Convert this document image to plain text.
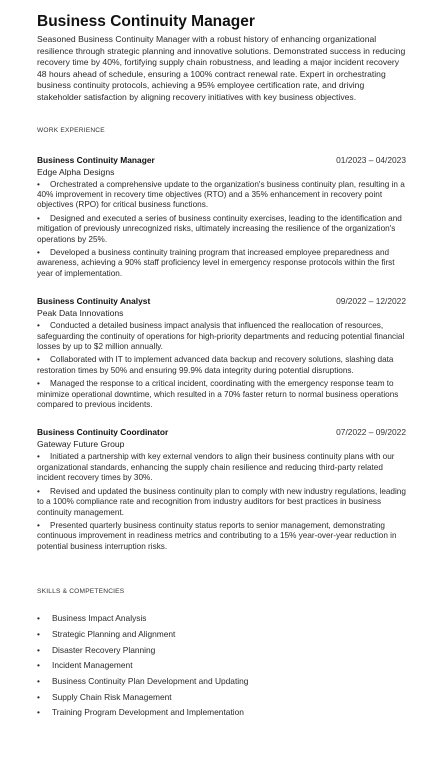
Business Continuity Manager

Seasoned Business Continuity Manager with a robust history of enhancing organizational resilience through strategic planning and innovative solutions. Demonstrated success in reducing recovery time by 40%, fortifying supply chain robustness, and leading a major incident recovery 48 hours ahead of schedule, ensuring a 100% contract renewal rate. Expert in orchestrating business continuity protocols, achieving a 95% employee certification rate, and driving stakeholder satisfaction by aligning recovery initiatives with key business objectives.

WORK EXPERIENCE
Business Continuity Manager	01/2023 – 04/2023
Edge Alpha Designs
• Orchestrated a comprehensive update to the organization's business continuity plan, resulting in a 40% improvement in recovery time objectives (RTO) and a 35% enhancement in recovery point objectives (RPO) for critical business functions.
• Designed and executed a series of business continuity exercises, leading to the identification and mitigation of previously unrecognized risks, ultimately increasing the resilience of the organization's operations by 25%.
• Developed a business continuity training program that increased employee preparedness and awareness, achieving a 90% staff proficiency level in emergency response protocols within the first year of implementation.
Business Continuity Analyst	09/2022 – 12/2022
Peak Data Innovations
• Conducted a detailed business impact analysis that influenced the reallocation of resources, safeguarding the continuity of operations for high-priority departments and reducing potential financial losses by up to $2 million annually.
• Collaborated with IT to implement advanced data backup and recovery solutions, slashing data restoration times by 50% and ensuring 99.9% data integrity during potential disruptions.
• Managed the response to a critical incident, coordinating with the emergency response team to minimize operational downtime, which resulted in a 70% faster return to normal business operations compared to previous incidents.
Business Continuity Coordinator	07/2022 – 09/2022
Gateway Future Group
• Initiated a partnership with key external vendors to align their business continuity plans with our organizational standards, enhancing the supply chain resilience and reducing third-party related incident recovery times by 30%.
• Revised and updated the business continuity plan to comply with new industry regulations, leading to a 100% compliance rate and recognition from industry auditors for best practices in business continuity management.
• Presented quarterly business continuity status reports to senior management, demonstrating continuous improvement in readiness metrics and contributing to a 15% year-over-year reduction in potential business interruption risks.
SKILLS & COMPETENCIES
• Business Impact Analysis
• Strategic Planning and Alignment
• Disaster Recovery Planning
• Incident Management
• Business Continuity Plan Development and Updating
• Supply Chain Risk Management
• Training Program Development and Implementation
